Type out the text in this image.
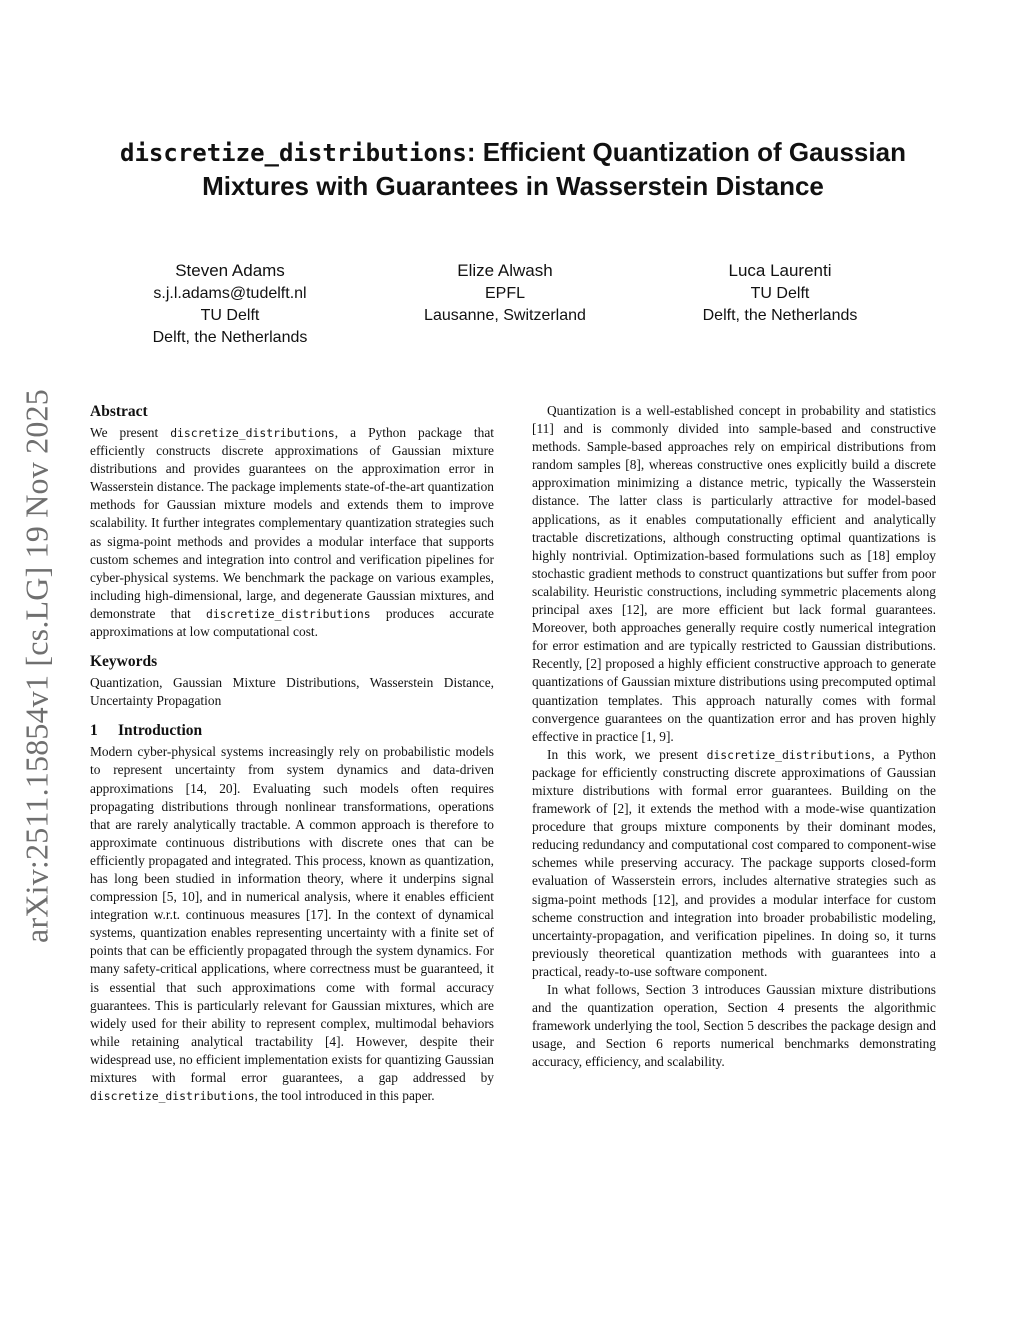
arXiv:2511.15854v1 [cs.LG] 19 Nov 2025
discretize_distributions: Efficient Quantization of Gaussian
Mixtures with Guarantees in Wasserstein Distance
Steven Adams
s.j.l.adams@tudelft.nl
TU Delft
Delft, the Netherlands
Elize Alwash
EPFL
Lausanne, Switzerland
Luca Laurenti
TU Delft
Delft, the Netherlands
Abstract

We present discretize_distributions, a Python package that efficiently constructs discrete approximations of Gaussian mixture distributions and provides guarantees on the approximation error in Wasserstein distance. The package implements state-of-the-art quantization methods for Gaussian mixture models and extends them to improve scalability. It further integrates complementary quantization strategies such as sigma-point methods and provides a modular interface that supports custom schemes and integration into control and verification pipelines for cyber-physical systems. We benchmark the package on various examples, including high-dimensional, large, and degenerate Gaussian mixtures, and demonstrate that discretize_distributions produces accurate approximations at low computational cost.

Keywords

Quantization, Gaussian Mixture Distributions, Wasserstein Distance, Uncertainty Propagation

1 Introduction

Modern cyber-physical systems increasingly rely on probabilistic models to represent uncertainty from system dynamics and data-driven approximations [14, 20]. Evaluating such models often requires propagating distributions through nonlinear transformations, operations that are rarely analytically tractable. A common approach is therefore to approximate continuous distributions with discrete ones that can be efficiently propagated and integrated. This process, known as quantization, has long been studied in information theory, where it underpins signal compression [5, 10], and in numerical analysis, where it enables efficient integration w.r.t. continuous measures [17]. In the context of dynamical systems, quantization enables representing uncertainty with a finite set of points that can be efficiently propagated through the system dynamics. For many safety-critical applications, where correctness must be guaranteed, it is essential that such approximations come with formal accuracy guarantees. This is particularly relevant for Gaussian mixtures, which are widely used for their ability to represent complex, multimodal behaviors while retaining analytical tractability [4]. However, despite their widespread use, no efficient implementation exists for quantizing Gaussian mixtures with formal error guarantees, a gap addressed by discretize_distributions, the tool introduced in this paper.

Quantization is a well-established concept in probability and statistics [11] and is commonly divided into sample-based and constructive methods. Sample-based approaches rely on empirical distributions from random samples [8], whereas constructive ones explicitly build a discrete approximation minimizing a distance metric, typically the Wasserstein distance. The latter class is particularly attractive for model-based applications, as it enables computationally efficient and analytically tractable discretizations, although constructing optimal quantizations is highly nontrivial. Optimization-based formulations such as [18] employ stochastic gradient methods to construct quantizations but suffer from poor scalability. Heuristic constructions, including symmetric placements along principal axes [12], are more efficient but lack formal guarantees. Moreover, both approaches generally require costly numerical integration for error estimation and are typically restricted to Gaussian distributions. Recently, [2] proposed a highly efficient constructive approach to generate quantizations of Gaussian mixture distributions using precomputed optimal quantization templates. This approach naturally comes with formal convergence guarantees on the quantization error and has proven highly effective in practice [1, 9].

In this work, we present discretize_distributions, a Python package for efficiently constructing discrete approximations of Gaussian mixture distributions with formal error guarantees. Building on the framework of [2], it extends the method with a mode-wise quantization procedure that groups mixture components by their dominant modes, reducing redundancy and computational cost compared to component-wise schemes while preserving accuracy. The package supports closed-form evaluation of Wasserstein errors, includes alternative strategies such as sigma-point methods [12], and provides a modular interface for custom scheme construction and integration into broader probabilistic modeling, uncertainty-propagation, and verification pipelines. In doing so, it turns previously theoretical quantization methods with guarantees into a practical, ready-to-use software component.

In what follows, Section 3 introduces Gaussian mixture distributions and the quantization operation, Section 4 presents the algorithmic framework underlying the tool, Section 5 describes the package design and usage, and Section 6 reports numerical benchmarks demonstrating accuracy, efficiency, and scalability.
